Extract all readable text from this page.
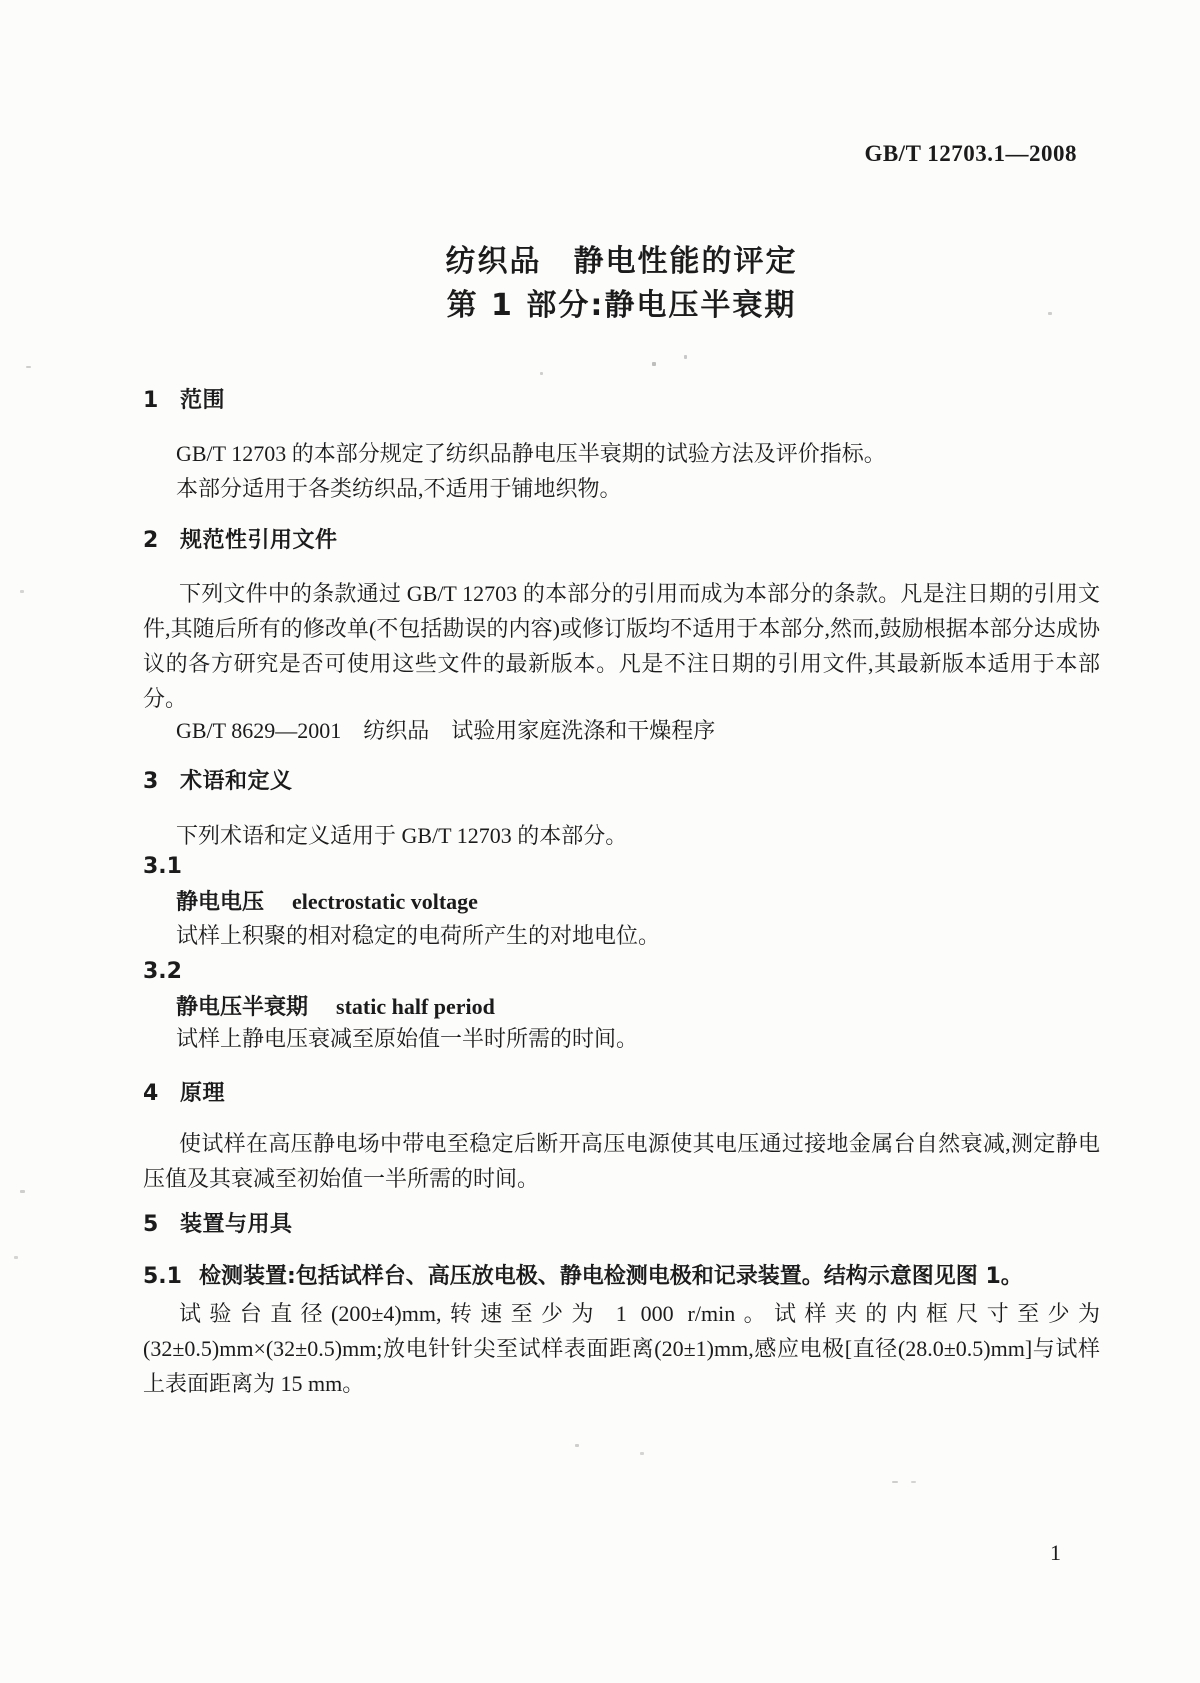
GB/T 12703.1—2008
纺织品　静电性能的评定
第 1 部分:静电压半衰期
1 范围
GB/T 12703 的本部分规定了纺织品静电压半衰期的试验方法及评价指标。
本部分适用于各类纺织品,不适用于铺地织物。
2 规范性引用文件
下列文件中的条款通过 GB/T 12703 的本部分的引用而成为本部分的条款。凡是注日期的引用文件,其随后所有的修改单(不包括勘误的内容)或修订版均不适用于本部分,然而,鼓励根据本部分达成协议的各方研究是否可使用这些文件的最新版本。凡是不注日期的引用文件,其最新版本适用于本部分。
GB/T 8629—2001　纺织品　试验用家庭洗涤和干燥程序
3 术语和定义
下列术语和定义适用于 GB/T 12703 的本部分。
3.1
静电电压 electrostatic voltage
试样上积聚的相对稳定的电荷所产生的对地电位。
3.2
静电压半衰期 static half period
试样上静电压衰减至原始值一半时所需的时间。
4 原理
使试样在高压静电场中带电至稳定后断开高压电源使其电压通过接地金属台自然衰减,测定静电压值及其衰减至初始值一半所需的时间。
5 装置与用具
5.1 检测装置:包括试样台、高压放电极、静电检测电极和记录装置。结构示意图见图 1。
试验台直径(200±4)mm,转速至少为 1 000 r/min。试样夹的内框尺寸至少为(32±0.5)mm×(32±0.5)mm;放电针针尖至试样表面距离(20±1)mm,感应电极[直径(28.0±0.5)mm]与试样上表面距离为 15 mm。
1
